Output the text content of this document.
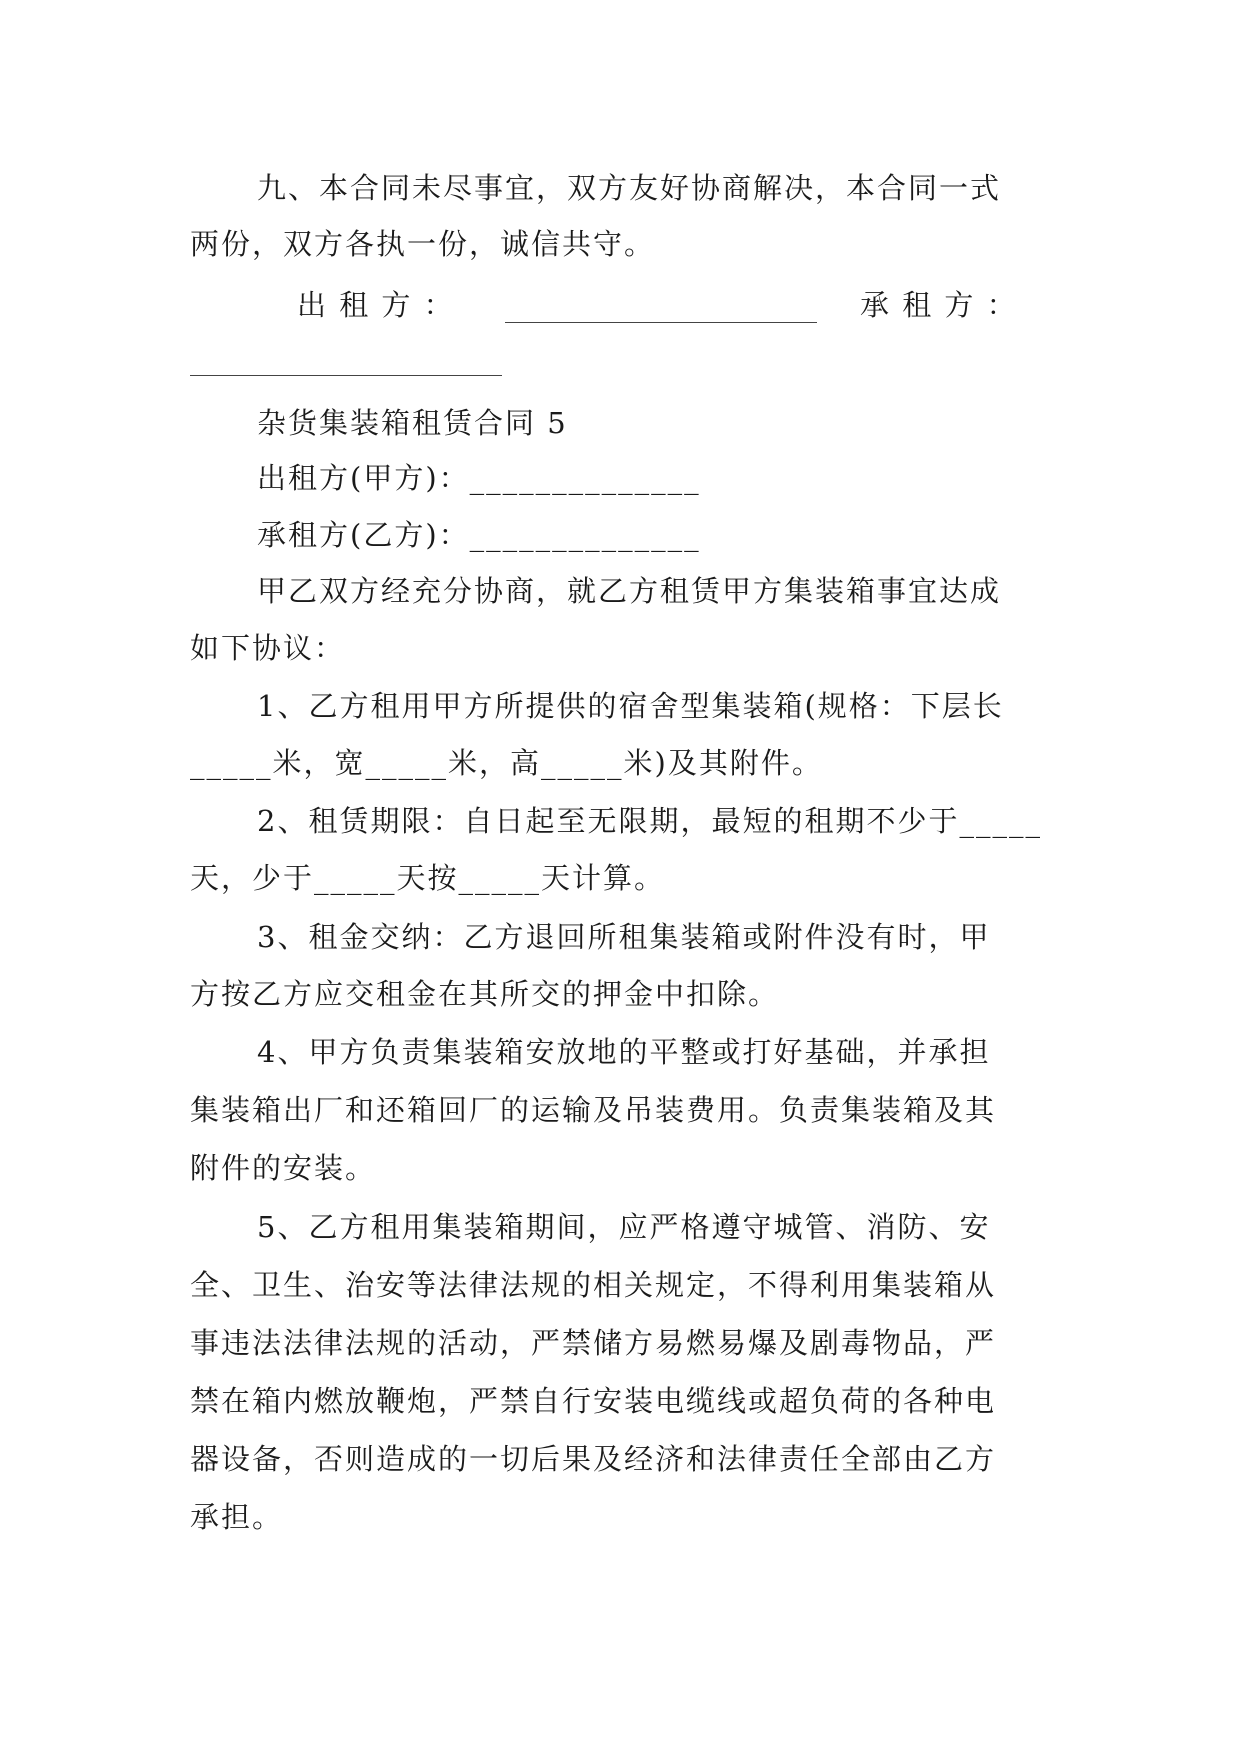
九、本合同未尽事宜，双方友好协商解决，本合同一式
两份，双方各执一份，诚信共守。
出 租 方 ：	承 租 方 ：
杂货集装箱租赁合同 5
出租方(甲方)：______________
承租方(乙方)：______________
甲乙双方经充分协商，就乙方租赁甲方集装箱事宜达成
如下协议：
1、乙方租用甲方所提供的宿舍型集装箱(规格：下层长
_____米，宽_____米，高_____米)及其附件。
2、租赁期限：自日起至无限期，最短的租期不少于_____
天，少于_____天按_____天计算。
3、租金交纳：乙方退回所租集装箱或附件没有时，甲
方按乙方应交租金在其所交的押金中扣除。
4、甲方负责集装箱安放地的平整或打好基础，并承担
集装箱出厂和还箱回厂的运输及吊装费用。负责集装箱及其
附件的安装。
5、乙方租用集装箱期间，应严格遵守城管、消防、安
全、卫生、治安等法律法规的相关规定，不得利用集装箱从
事违法法律法规的活动，严禁储方易燃易爆及剧毒物品，严
禁在箱内燃放鞭炮，严禁自行安装电缆线或超负荷的各种电
器设备，否则造成的一切后果及经济和法律责任全部由乙方
承担。
